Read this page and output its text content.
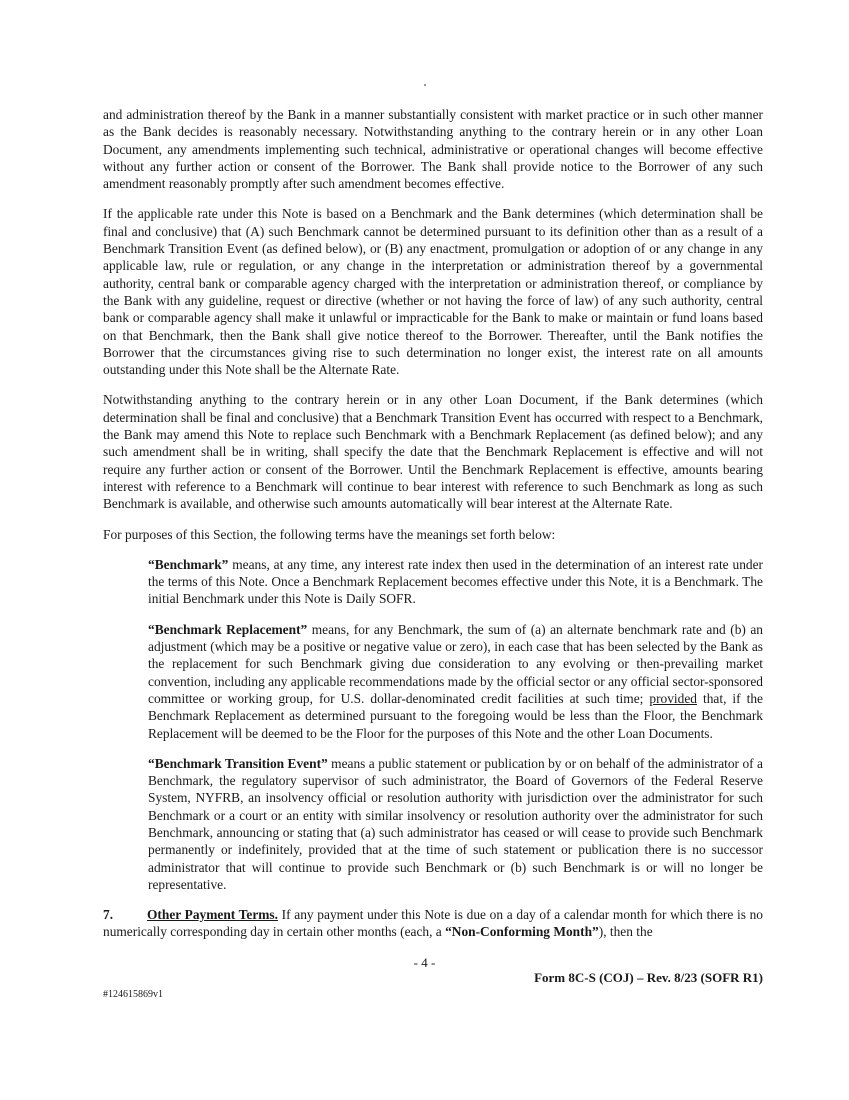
and administration thereof by the Bank in a manner substantially consistent with market practice or in such other manner as the Bank decides is reasonably necessary. Notwithstanding anything to the contrary herein or in any other Loan Document, any amendments implementing such technical, administrative or operational changes will become effective without any further action or consent of the Borrower. The Bank shall provide notice to the Borrower of any such amendment reasonably promptly after such amendment becomes effective.

If the applicable rate under this Note is based on a Benchmark and the Bank determines (which determination shall be final and conclusive) that (A) such Benchmark cannot be determined pursuant to its definition other than as a result of a Benchmark Transition Event (as defined below), or (B) any enactment, promulgation or adoption of or any change in any applicable law, rule or regulation, or any change in the interpretation or administration thereof by a governmental authority, central bank or comparable agency charged with the interpretation or administration thereof, or compliance by the Bank with any guideline, request or directive (whether or not having the force of law) of any such authority, central bank or comparable agency shall make it unlawful or impracticable for the Bank to make or maintain or fund loans based on that Benchmark, then the Bank shall give notice thereof to the Borrower. Thereafter, until the Bank notifies the Borrower that the circumstances giving rise to such determination no longer exist, the interest rate on all amounts outstanding under this Note shall be the Alternate Rate.

Notwithstanding anything to the contrary herein or in any other Loan Document, if the Bank determines (which determination shall be final and conclusive) that a Benchmark Transition Event has occurred with respect to a Benchmark, the Bank may amend this Note to replace such Benchmark with a Benchmark Replacement (as defined below); and any such amendment shall be in writing, shall specify the date that the Benchmark Replacement is effective and will not require any further action or consent of the Borrower. Until the Benchmark Replacement is effective, amounts bearing interest with reference to a Benchmark will continue to bear interest with reference to such Benchmark as long as such Benchmark is available, and otherwise such amounts automatically will bear interest at the Alternate Rate.

For purposes of this Section, the following terms have the meanings set forth below:

“Benchmark” means, at any time, any interest rate index then used in the determination of an interest rate under the terms of this Note. Once a Benchmark Replacement becomes effective under this Note, it is a Benchmark. The initial Benchmark under this Note is Daily SOFR.

“Benchmark Replacement” means, for any Benchmark, the sum of (a) an alternate benchmark rate and (b) an adjustment (which may be a positive or negative value or zero), in each case that has been selected by the Bank as the replacement for such Benchmark giving due consideration to any evolving or then-prevailing market convention, including any applicable recommendations made by the official sector or any official sector-sponsored committee or working group, for U.S. dollar-denominated credit facilities at such time; provided that, if the Benchmark Replacement as determined pursuant to the foregoing would be less than the Floor, the Benchmark Replacement will be deemed to be the Floor for the purposes of this Note and the other Loan Documents.

“Benchmark Transition Event” means a public statement or publication by or on behalf of the administrator of a Benchmark, the regulatory supervisor of such administrator, the Board of Governors of the Federal Reserve System, NYFRB, an insolvency official or resolution authority with jurisdiction over the administrator for such Benchmark or a court or an entity with similar insolvency or resolution authority over the administrator for such Benchmark, announcing or stating that (a) such administrator has ceased or will cease to provide such Benchmark permanently or indefinitely, provided that at the time of such statement or publication there is no successor administrator that will continue to provide such Benchmark or (b) such Benchmark is or will no longer be representative.

7.	Other Payment Terms. If any payment under this Note is due on a day of a calendar month for which there is no numerically corresponding day in certain other months (each, a “Non-Conforming Month”), then the

- 4 -
Form 8C-S (COJ) – Rev. 8/23 (SOFR R1)
#124615869v1
